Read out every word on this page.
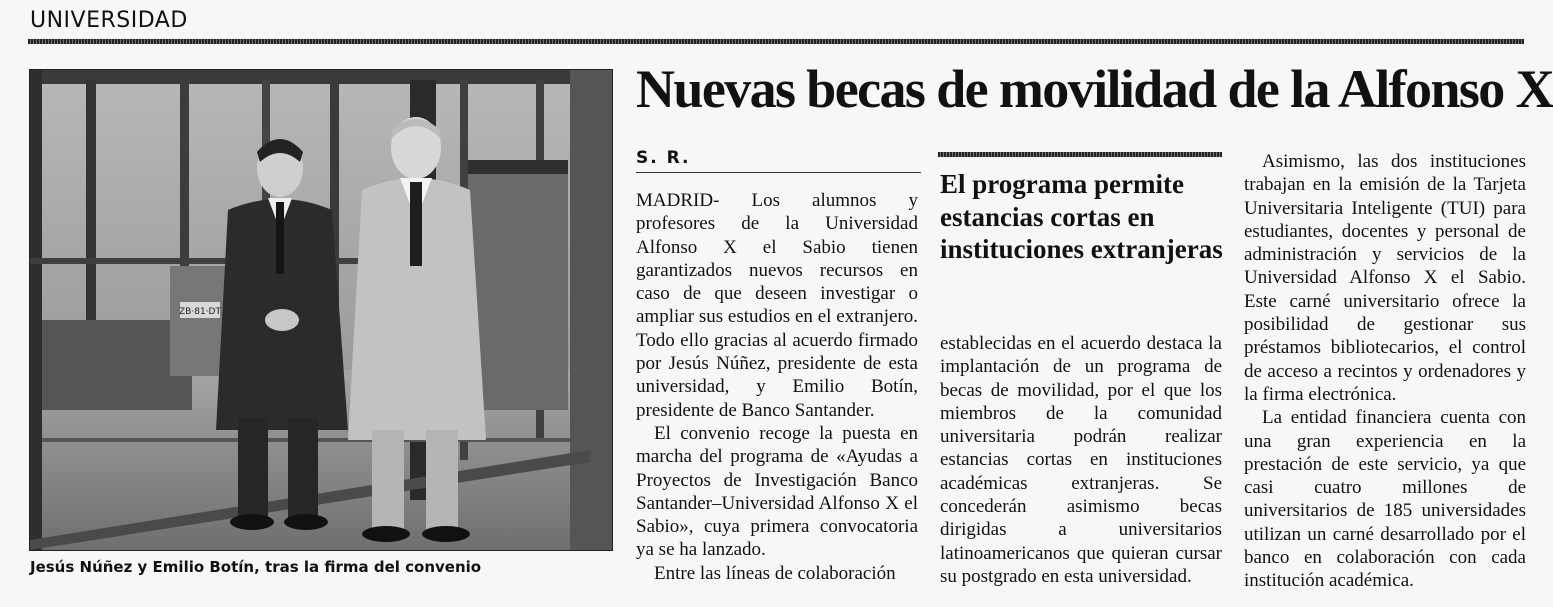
UNIVERSIDAD
ZB·81·DT
Jesús Núñez y Emilio Botín, tras la firma del convenio
Nuevas becas de movilidad de la Alfonso X
S. R.

MADRID- Los alumnos y profesores de la Universidad Alfonso X el Sabio tienen garantizados nuevos recursos en caso de que deseen investigar o ampliar sus estudios en el extranjero. Todo ello gracias al acuerdo firmado por Jesús Núñez, presidente de esta universidad, y Emilio Botín, presidente de Banco Santander.

El convenio recoge la puesta en marcha del programa de «Ayudas a Proyectos de Investigación Banco Santander–Universidad Alfonso X el Sabio», cuya primera convocatoria ya se ha lanzado.

Entre las líneas de colaboración

El programa permite estancias cortas en instituciones extranjeras

establecidas en el acuerdo destaca la implantación de un programa de becas de movilidad, por el que los miembros de la comunidad universitaria podrán realizar estancias cortas en instituciones académicas extranjeras. Se concederán asimismo becas dirigidas a universitarios latinoamericanos que quieran cursar su postgrado en esta universidad.

Asimismo, las dos instituciones trabajan en la emisión de la Tarjeta Universitaria Inteligente (TUI) para estudiantes, docentes y personal de administración y servicios de la Universidad Alfonso X el Sabio. Este carné universitario ofrece la posibilidad de gestionar sus préstamos bibliotecarios, el control de acceso a recintos y ordenadores y la firma electrónica.

La entidad financiera cuenta con una gran experiencia en la prestación de este servicio, ya que casi cuatro millones de universitarios de 185 universidades utilizan un carné desarrollado por el banco en colaboración con cada institución académica.
